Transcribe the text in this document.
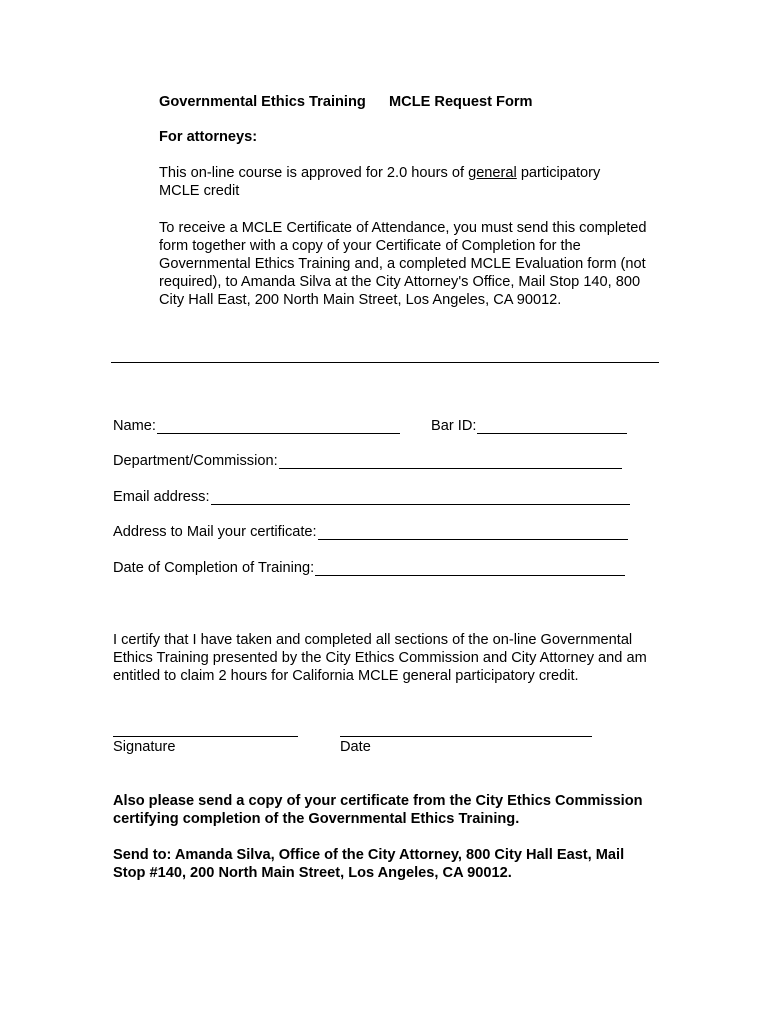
Governmental Ethics Training MCLE Request Form
For attorneys:
This on-line course is approved for 2.0 hours of general participatory
MCLE credit
To receive a MCLE Certificate of Attendance, you must send this completed form together with a copy of your Certificate of Completion for the Governmental Ethics Training and, a completed MCLE Evaluation form (not required), to Amanda Silva at the City Attorney's Office, Mail Stop 140, 800 City Hall East, 200 North Main Street, Los Angeles, CA 90012.
Name:	Bar ID:
Department/Commission:
Email address:
Address to Mail your certificate:
Date of Completion of Training:
I certify that I have taken and completed all sections of the on-line Governmental Ethics Training presented by the City Ethics Commission and City Attorney and am entitled to claim 2 hours for California MCLE general participatory credit.
Signature	Date
Also please send a copy of your certificate from the City Ethics Commission certifying completion of the Governmental Ethics Training.
Send to: Amanda Silva, Office of the City Attorney, 800 City Hall East, Mail Stop #140, 200 North Main Street, Los Angeles, CA 90012.
